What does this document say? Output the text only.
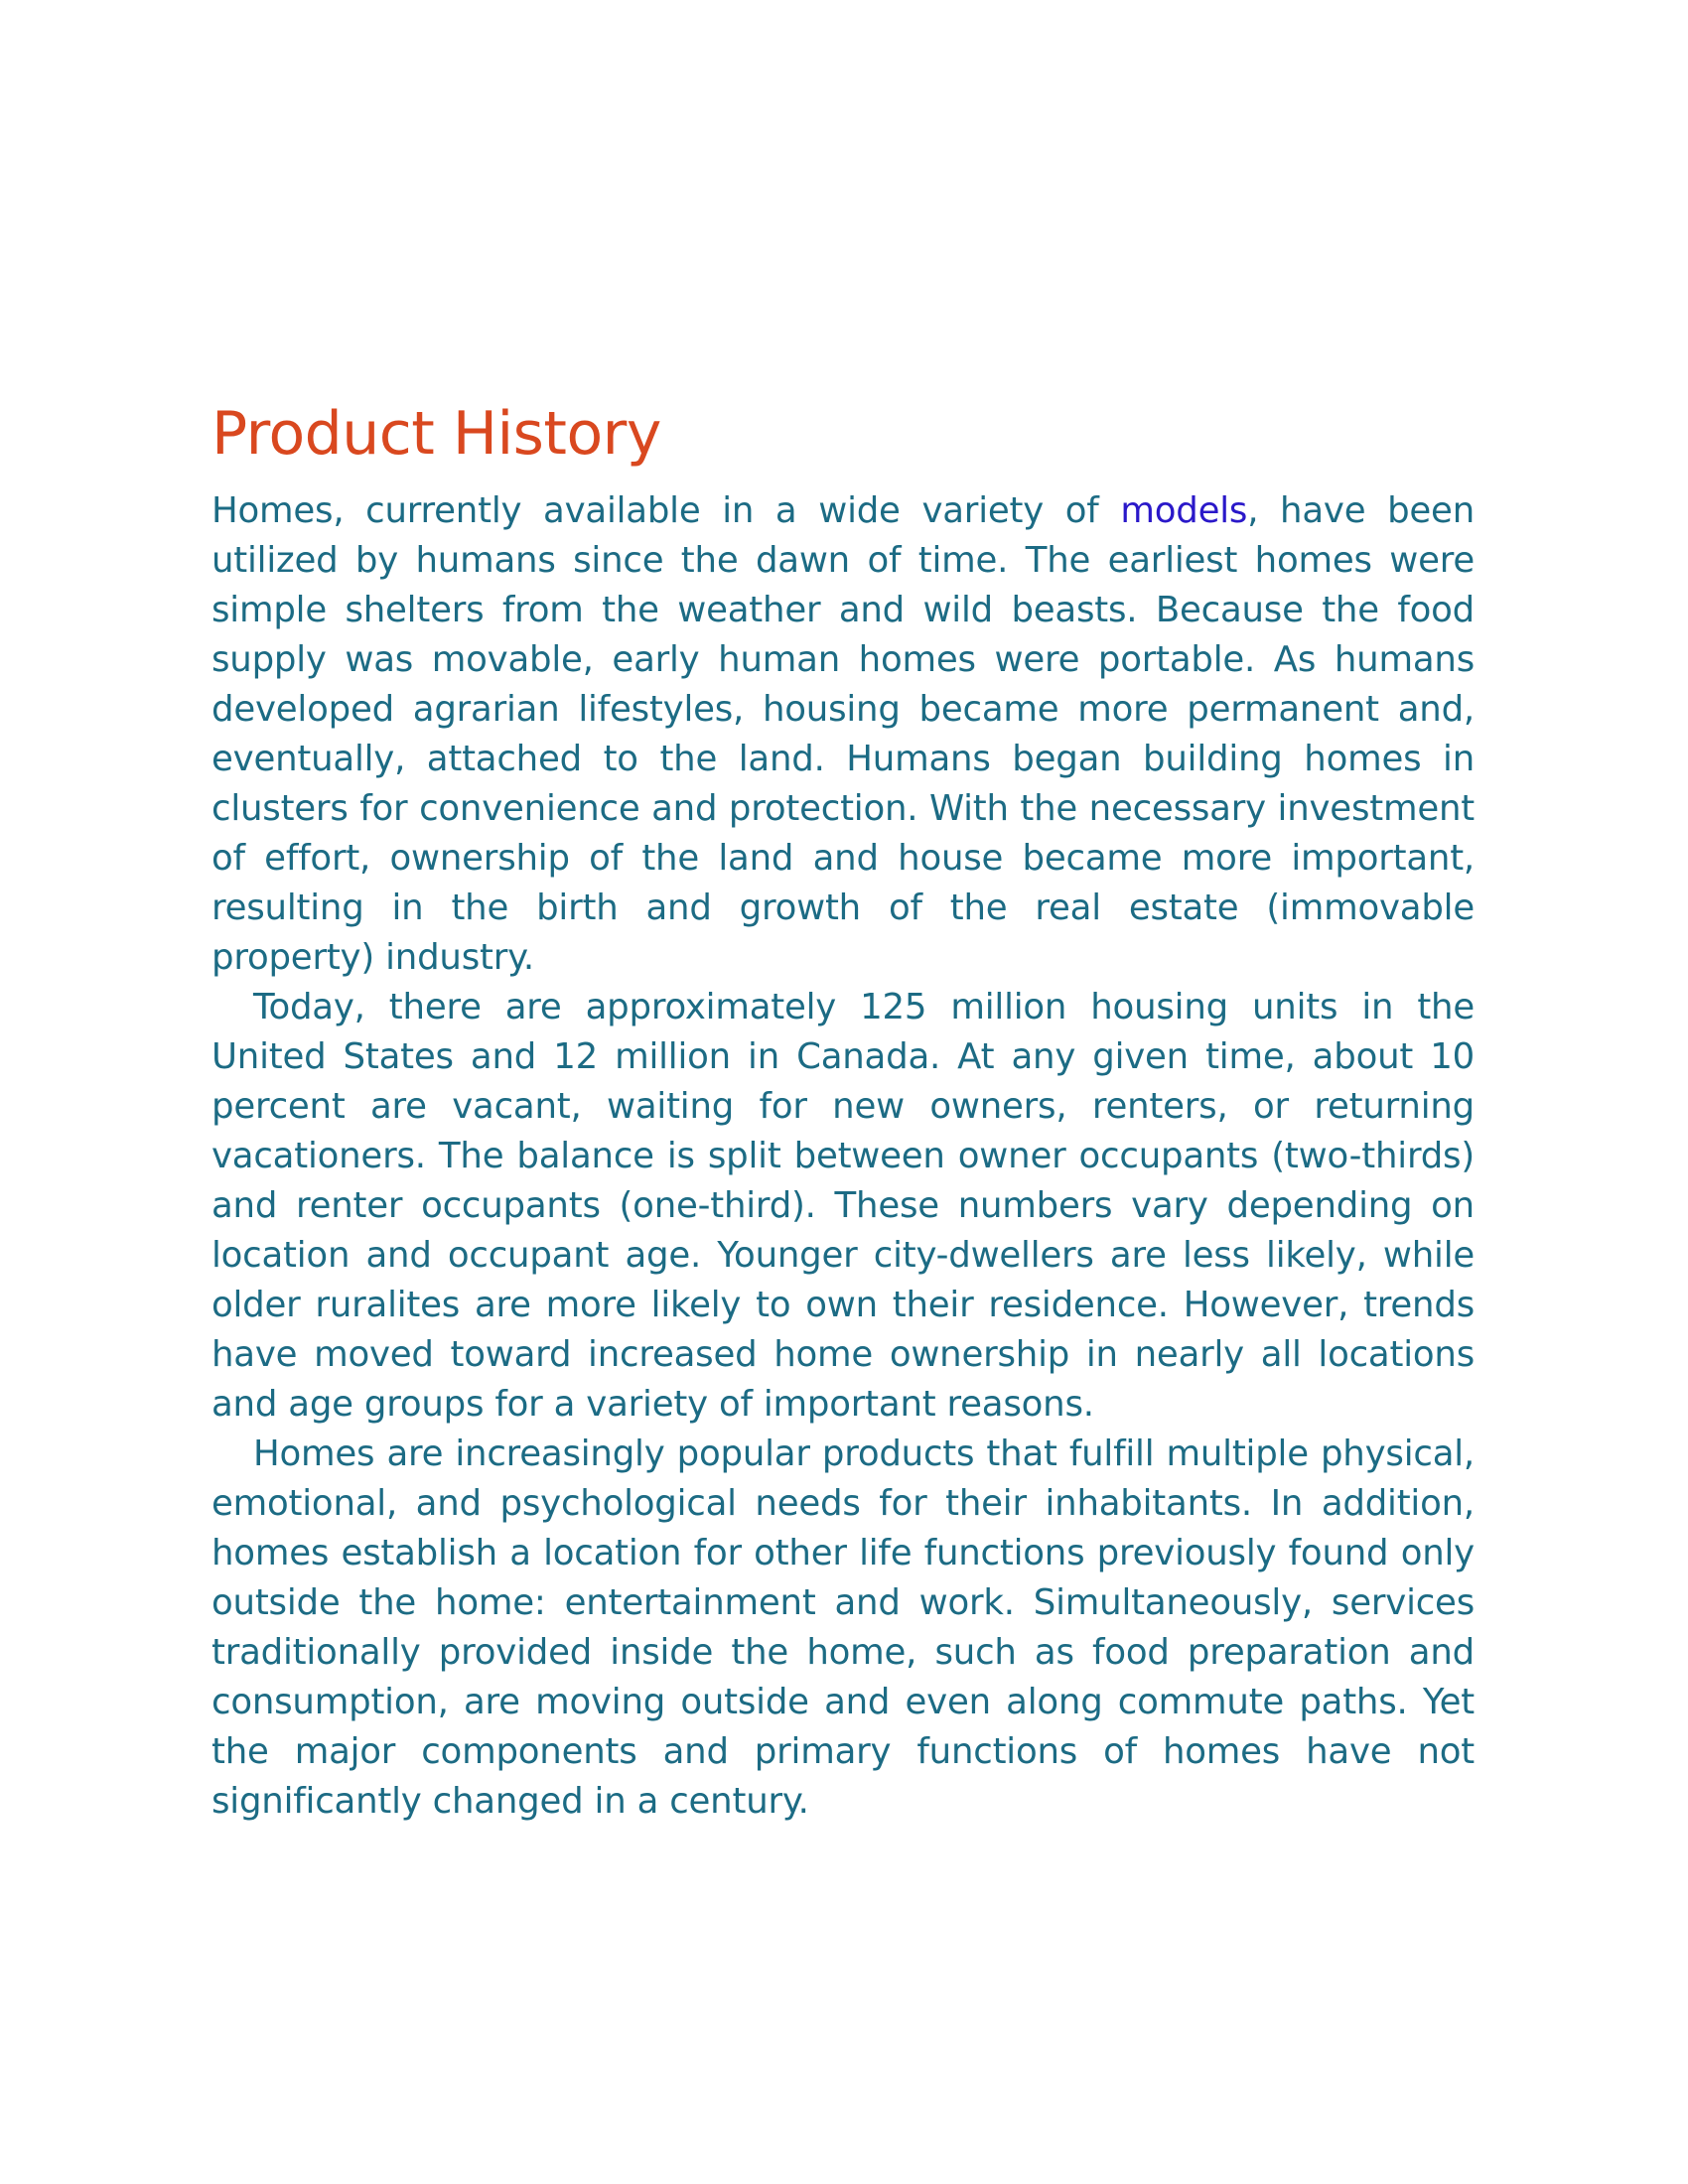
Product History

Homes, currently available in a wide variety of models, have been utilized by humans since the dawn of time. The earliest homes were simple shelters from the weather and wild beasts. Because the food supply was movable, early human homes were portable. As humans developed agrarian lifestyles, housing became more permanent and, eventually, attached to the land. Humans began building homes in clusters for convenience and protection. With the necessary investment of effort, ownership of the land and house became more important, resulting in the birth and growth of the real estate (immovable property) industry.

Today, there are approximately 125 million housing units in the United States and 12 million in Canada. At any given time, about 10 percent are vacant, waiting for new owners, renters, or returning vacationers. The balance is split between owner occupants (two-thirds) and renter occupants (one-third). These numbers vary depending on location and occupant age. Younger city-dwellers are less likely, while older ruralites are more likely to own their residence. However, trends have moved toward increased home ownership in nearly all locations and age groups for a variety of important reasons.

Homes are increasingly popular products that fulfill multiple physical, emotional, and psychological needs for their inhabitants. In addition, homes establish a location for other life functions previously found only outside the home: entertainment and work. Simultaneously, services traditionally provided inside the home, such as food preparation and consumption, are moving outside and even along commute paths. Yet the major components and primary functions of homes have not significantly changed in a century.
